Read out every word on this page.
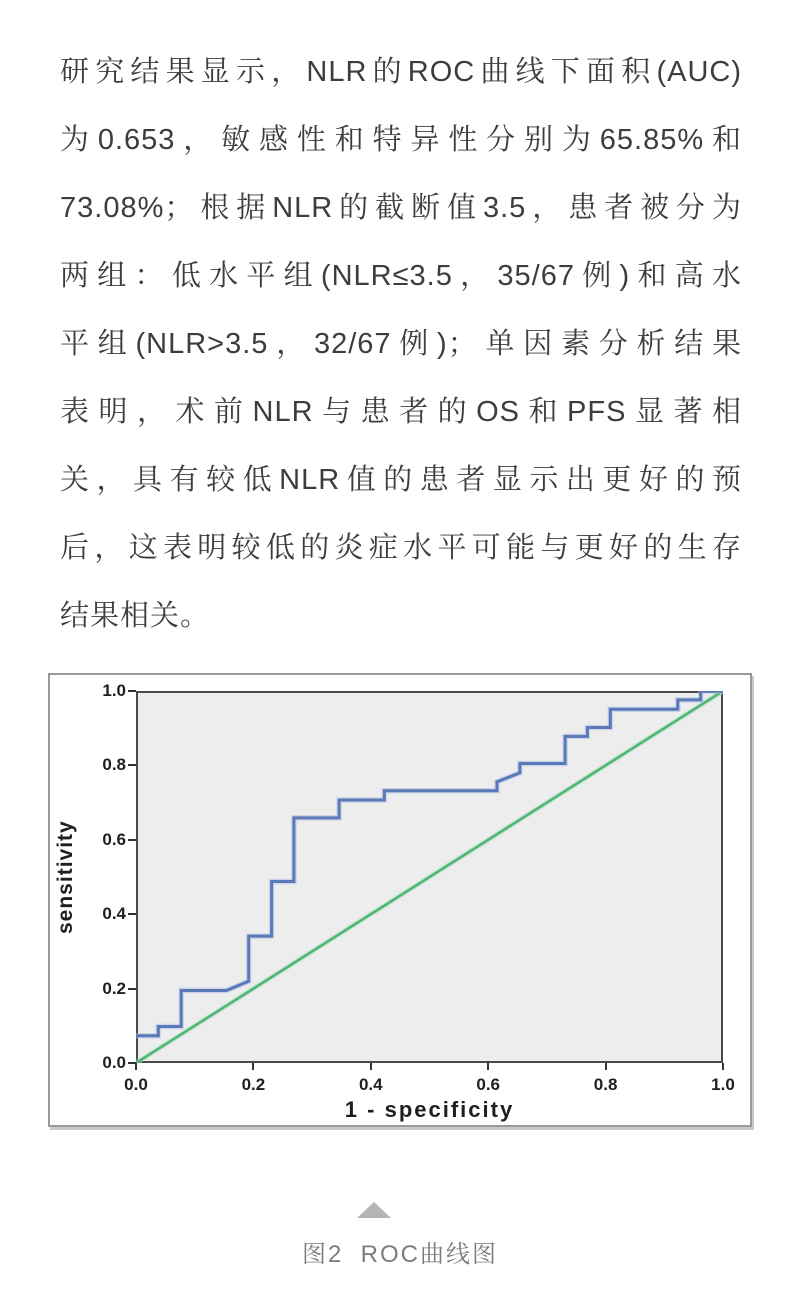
研究结果显示，NLR的ROC曲线下面积(AUC)
为0.653，敏感性和特异性分别为65.85%和
73.08%；根据NLR的截断值3.5，患者被分为
两组：低水平组(NLR≤3.5，35/67例)和高水
平组(NLR>3.5，32/67例)；单因素分析结果
表明，术前NLR与患者的OS和PFS显著相
关，具有较低NLR值的患者显示出更好的预
后，这表明较低的炎症水平可能与更好的生存
结果相关。
sensitivity
1 - specificity
0.0	0.2	0.4	0.6	0.8	1.0
0.0
0.2
0.4
0.6
0.8
1.0
图2  ROC曲线图
